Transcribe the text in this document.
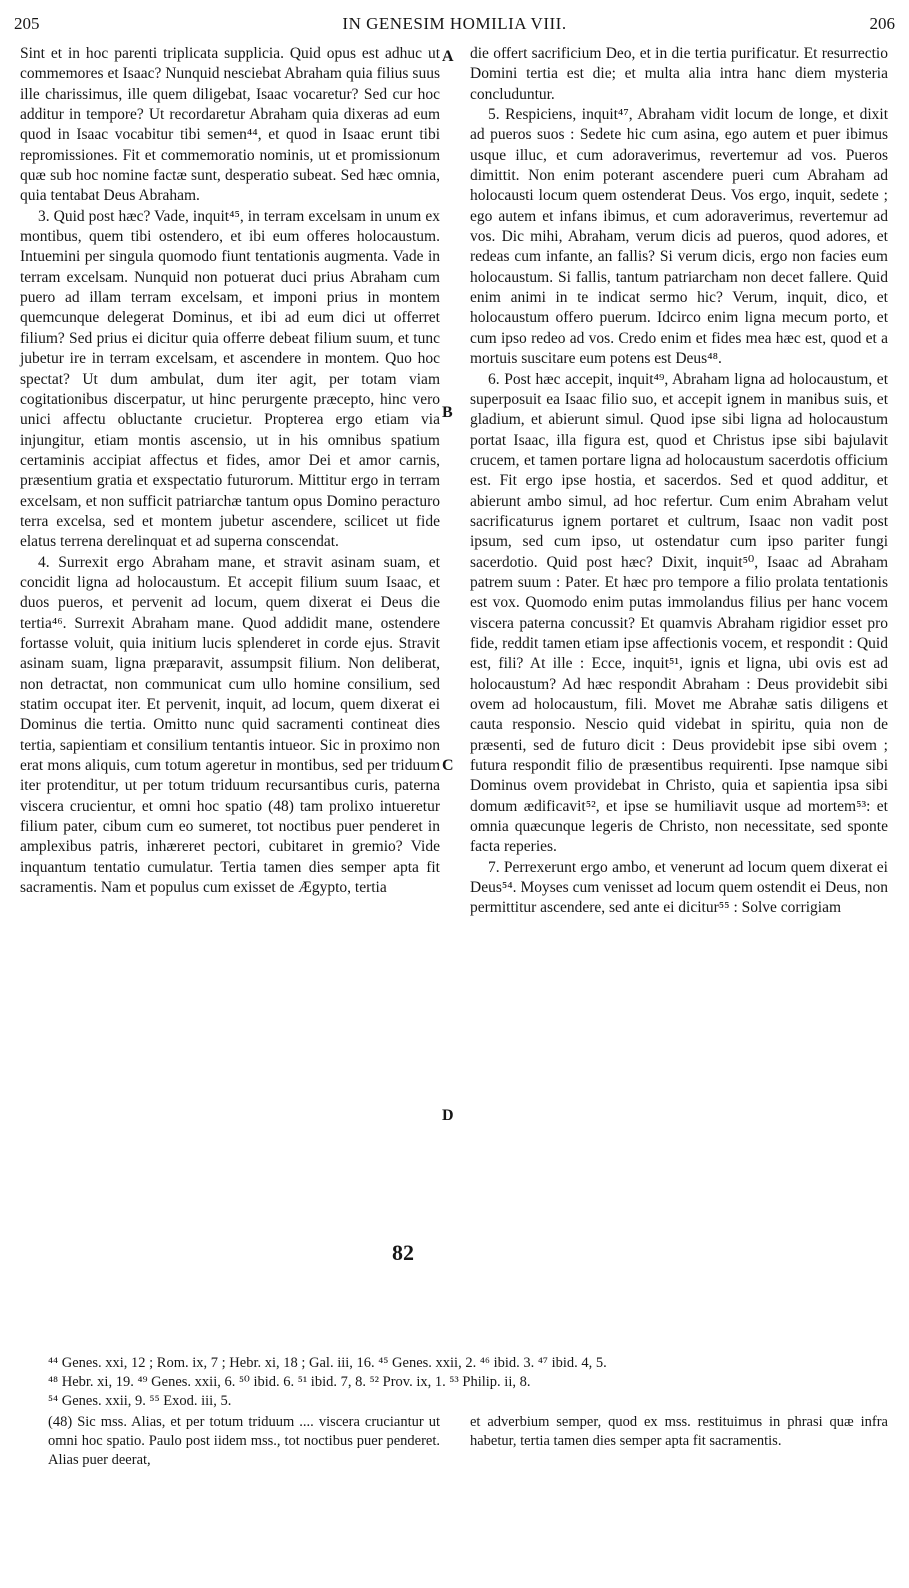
205	IN GENESIM HOMILIA VIII.	206

Sint et in hoc parenti triplicata supplicia. Quid opus est adhuc ut commemores et Isaac? Nunquid nesciebat Abraham quia filius suus ille charissimus, ille quem diligebat, Isaac vocaretur? Sed cur hoc additur in tempore? Ut recordaretur Abraham quia dixeras ad eum quod in Isaac vocabitur tibi semen⁴⁴, et quod in Isaac erunt tibi repromissiones. Fit et commemoratio nominis, ut et promissionum quæ sub hoc nomine factæ sunt, desperatio subeat. Sed hæc omnia, quia tentabat Deus Abraham.

3. Quid post hæc? Vade, inquit⁴⁵, in terram excelsam in unum ex montibus, quem tibi ostendero, et ibi eum offeres holocaustum. Intuemini per singula quomodo fiunt tentationis augmenta. Vade in terram excelsam. Nunquid non potuerat duci prius Abraham cum puero ad illam terram excelsam, et imponi prius in montem quemcunque delegerat Dominus, et ibi ad eum dici ut offerret filium? Sed prius ei dicitur quia offerre debeat filium suum, et tunc jubetur ire in terram excelsam, et ascendere in montem. Quo hoc spectat? Ut dum ambulat, dum iter agit, per totam viam cogitationibus discerpatur, ut hinc perurgente præcepto, hinc vero unici affectu obluctante crucietur. Propterea ergo etiam via injungitur, etiam montis ascensio, ut in his omnibus spatium certaminis accipiat affectus et fides, amor Dei et amor carnis, præsentium gratia et exspectatio futurorum. Mittitur ergo in terram excelsam, et non sufficit patriarchæ tantum opus Domino peracturo terra excelsa, sed et montem jubetur ascendere, scilicet ut fide elatus terrena derelinquat et ad superna conscendat.

4. Surrexit ergo Abraham mane, et stravit asinam suam, et concidit ligna ad holocaustum. Et accepit filium suum Isaac, et duos pueros, et pervenit ad locum, quem dixerat ei Deus die tertia⁴⁶. Surrexit Abraham mane. Quod addidit mane, ostendere fortasse voluit, quia initium lucis splenderet in corde ejus. Stravit asinam suam, ligna præparavit, assumpsit filium. Non deliberat, non detractat, non communicat cum ullo homine consilium, sed statim occupat iter. Et pervenit, inquit, ad locum, quem dixerat ei Dominus die tertia. Omitto nunc quid sacramenti contineat dies tertia, sapientiam et consilium tentantis intueor. Sic in proximo non erat mons aliquis, cum totum ageretur in montibus, sed per triduum iter protenditur, ut per totum triduum recursantibus curis, paterna viscera crucientur, et omni hoc spatio (48) tam prolixo intueretur filium pater, cibum cum eo sumeret, tot noctibus puer penderet in amplexibus patris, inhæreret pectori, cubitaret in gremio? Vide inquantum tentatio cumulatur. Tertia tamen dies semper apta fit sacramentis. Nam et populus cum exisset de Ægypto, tertia

A
B
C
D
82

die offert sacrificium Deo, et in die tertia purificatur. Et resurrectio Domini tertia est die; et multa alia intra hanc diem mysteria concluduntur.

5. Respiciens, inquit⁴⁷, Abraham vidit locum de longe, et dixit ad pueros suos : Sedete hic cum asina, ego autem et puer ibimus usque illuc, et cum adoraverimus, revertemur ad vos. Pueros dimittit. Non enim poterant ascendere pueri cum Abraham ad holocausti locum quem ostenderat Deus. Vos ergo, inquit, sedete ; ego autem et infans ibimus, et cum adoraverimus, revertemur ad vos. Dic mihi, Abraham, verum dicis ad pueros, quod adores, et redeas cum infante, an fallis? Si verum dicis, ergo non facies eum holocaustum. Si fallis, tantum patriarcham non decet fallere. Quid enim animi in te indicat sermo hic? Verum, inquit, dico, et holocaustum offero puerum. Idcirco enim ligna mecum porto, et cum ipso redeo ad vos. Credo enim et fides mea hæc est, quod et a mortuis suscitare eum potens est Deus⁴⁸.

6. Post hæc accepit, inquit⁴⁹, Abraham ligna ad holocaustum, et superposuit ea Isaac filio suo, et accepit ignem in manibus suis, et gladium, et abierunt simul. Quod ipse sibi ligna ad holocaustum portat Isaac, illa figura est, quod et Christus ipse sibi bajulavit crucem, et tamen portare ligna ad holocaustum sacerdotis officium est. Fit ergo ipse hostia, et sacerdos. Sed et quod additur, et abierunt ambo simul, ad hoc refertur. Cum enim Abraham velut sacrificaturus ignem portaret et cultrum, Isaac non vadit post ipsum, sed cum ipso, ut ostendatur cum ipso pariter fungi sacerdotio. Quid post hæc? Dixit, inquit⁵⁰, Isaac ad Abraham patrem suum : Pater. Et hæc pro tempore a filio prolata tentationis est vox. Quomodo enim putas immolandus filius per hanc vocem viscera paterna concussit? Et quamvis Abraham rigidior esset pro fide, reddit tamen etiam ipse affectionis vocem, et respondit : Quid est, fili? At ille : Ecce, inquit⁵¹, ignis et ligna, ubi ovis est ad holocaustum? Ad hæc respondit Abraham : Deus providebit sibi ovem ad holocaustum, fili. Movet me Abrahæ satis diligens et cauta responsio. Nescio quid videbat in spiritu, quia non de præsenti, sed de futuro dicit : Deus providebit ipse sibi ovem ; futura respondit filio de præsentibus requirenti. Ipse namque sibi Dominus ovem providebat in Christo, quia et sapientia ipsa sibi domum ædificavit⁵², et ipse se humiliavit usque ad mortem⁵³: et omnia quæcunque legeris de Christo, non necessitate, sed sponte facta reperies.

7. Perrexerunt ergo ambo, et venerunt ad locum quem dixerat ei Deus⁵⁴. Moyses cum venisset ad locum quem ostendit ei Deus, non permittitur ascendere, sed ante ei dicitur⁵⁵ : Solve corrigiam

⁴⁴ Genes. xxi, 12 ; Rom. ix, 7 ; Hebr. xi, 18 ; Gal. iii, 16. ⁴⁵ Genes. xxii, 2. ⁴⁶ ibid. 3. ⁴⁷ ibid. 4, 5.
⁴⁸ Hebr. xi, 19. ⁴⁹ Genes. xxii, 6. ⁵⁰ ibid. 6. ⁵¹ ibid. 7, 8. ⁵² Prov. ix, 1. ⁵³ Philip. ii, 8.
⁵⁴ Genes. xxii, 9. ⁵⁵ Exod. iii, 5.

(48) Sic mss. Alias, et per totum triduum .... viscera cruciantur ut omni hoc spatio. Paulo post iidem mss., tot noctibus puer penderet. Alias puer deerat,

et adverbium semper, quod ex mss. restituimus in phrasi quæ infra habetur, tertia tamen dies semper apta fit sacramentis.
